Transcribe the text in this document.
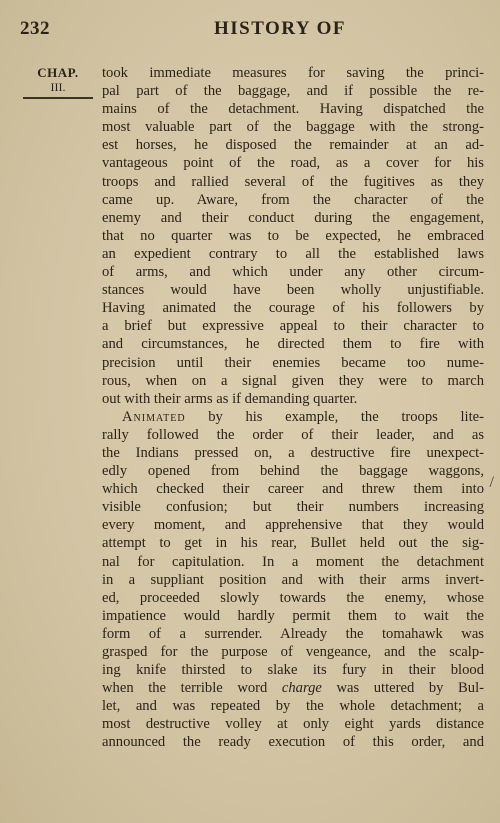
232	HISTORY OF
CHAP.
III.
took immediate measures for saving the princi-
pal part of the baggage, and if possible the re-
mains of the detachment. Having dispatched the
most valuable part of the baggage with the strong-
est horses, he disposed the remainder at an ad-
vantageous point of the road, as a cover for his
troops and rallied several of the fugitives as they
came up. Aware, from the character of the
enemy and their conduct during the engagement,
that no quarter was to be expected, he embraced
an expedient contrary to all the established laws
of arms, and which under any other circum-
stances would have been wholly unjustifiable.
Having animated the courage of his followers by
a brief but expressive appeal to their character to
and circumstances, he directed them to fire with
precision until their enemies became too nume-
rous, when on a signal given they were to march
out with their arms as if demanding quarter.
Animated by his example, the troops lite-
rally followed the order of their leader, and as
the Indians pressed on, a destructive fire unexpect-
edly opened from behind the baggage waggons,
which checked their career and threw them into
visible confusion; but their numbers increasing
every moment, and apprehensive that they would
attempt to get in his rear, Bullet held out the sig-
nal for capitulation. In a moment the detachment
in a suppliant position and with their arms invert-
ed, proceeded slowly towards the enemy, whose
impatience would hardly permit them to wait the
form of a surrender. Already the tomahawk was
grasped for the purpose of vengeance, and the scalp-
ing knife thirsted to slake its fury in their blood
when the terrible word charge was uttered by Bul-
let, and was repeated by the whole detachment; a
most destructive volley at only eight yards distance
announced the ready execution of this order, and
/
